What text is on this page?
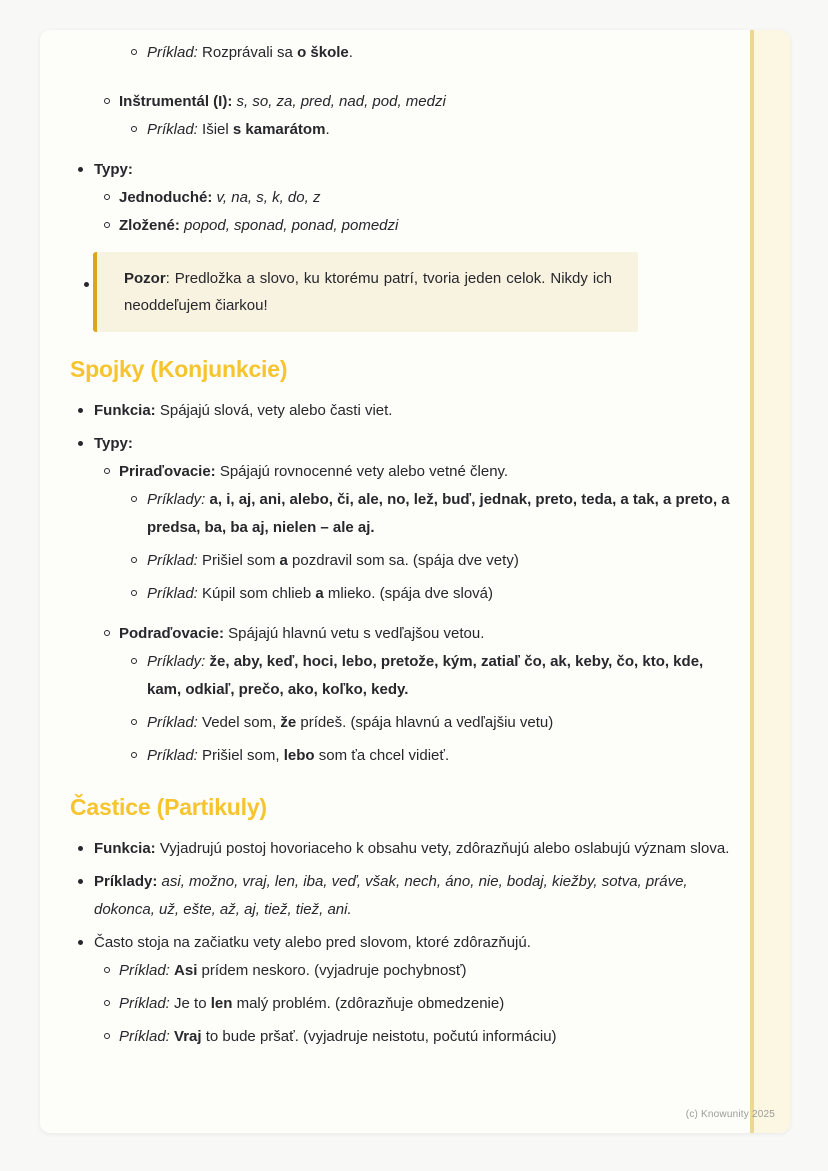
Príklad: Rozprávali sa o škole.
Inštrumentál (I): s, so, za, pred, nad, pod, medzi
Príklad: Išiel s kamarátom.
Typy:
Jednoduché: v, na, s, k, do, z
Zložené: popod, sponad, ponad, pomedzi

Pozor: Predložka a slovo, ku ktorému patrí, tvoria jeden celok. Nikdy ich neoddeľujem čiarkou!

Spojky (Konjunkcie)
Funkcia: Spájajú slová, vety alebo časti viet.
Typy:
Priraďovacie: Spájajú rovnocenné vety alebo vetné členy.
Príklady: a, i, aj, ani, alebo, či, ale, no, lež, buď, jednak, preto, teda, a tak, a preto, a predsa, ba, ba aj, nielen – ale aj.
Príklad: Prišiel som a pozdravil som sa. (spája dve vety)
Príklad: Kúpil som chlieb a mlieko. (spája dve slová)
Podraďovacie: Spájajú hlavnú vetu s vedľajšou vetou.
Príklady: že, aby, keď, hoci, lebo, pretože, kým, zatiaľ čo, ak, keby, čo, kto, kde, kam, odkiaľ, prečo, ako, koľko, kedy.
Príklad: Vedel som, že prídeš. (spája hlavnú a vedľajšiu vetu)
Príklad: Prišiel som, lebo som ťa chcel vidieť.
Častice (Partikuly)
Funkcia: Vyjadrujú postoj hovoriaceho k obsahu vety, zdôrazňujú alebo oslabujú význam slova.
Príklady: asi, možno, vraj, len, iba, veď, však, nech, áno, nie, bodaj, kiežby, sotva, práve, dokonca, už, ešte, až, aj, tiež, tiež, ani.
Často stoja na začiatku vety alebo pred slovom, ktoré zdôrazňujú.
Príklad: Asi prídem neskoro. (vyjadruje pochybnosť)
Príklad: Je to len malý problém. (zdôrazňuje obmedzenie)
Príklad: Vraj to bude pršať. (vyjadruje neistotu, počutú informáciu)
(c) Knowunity 2025
